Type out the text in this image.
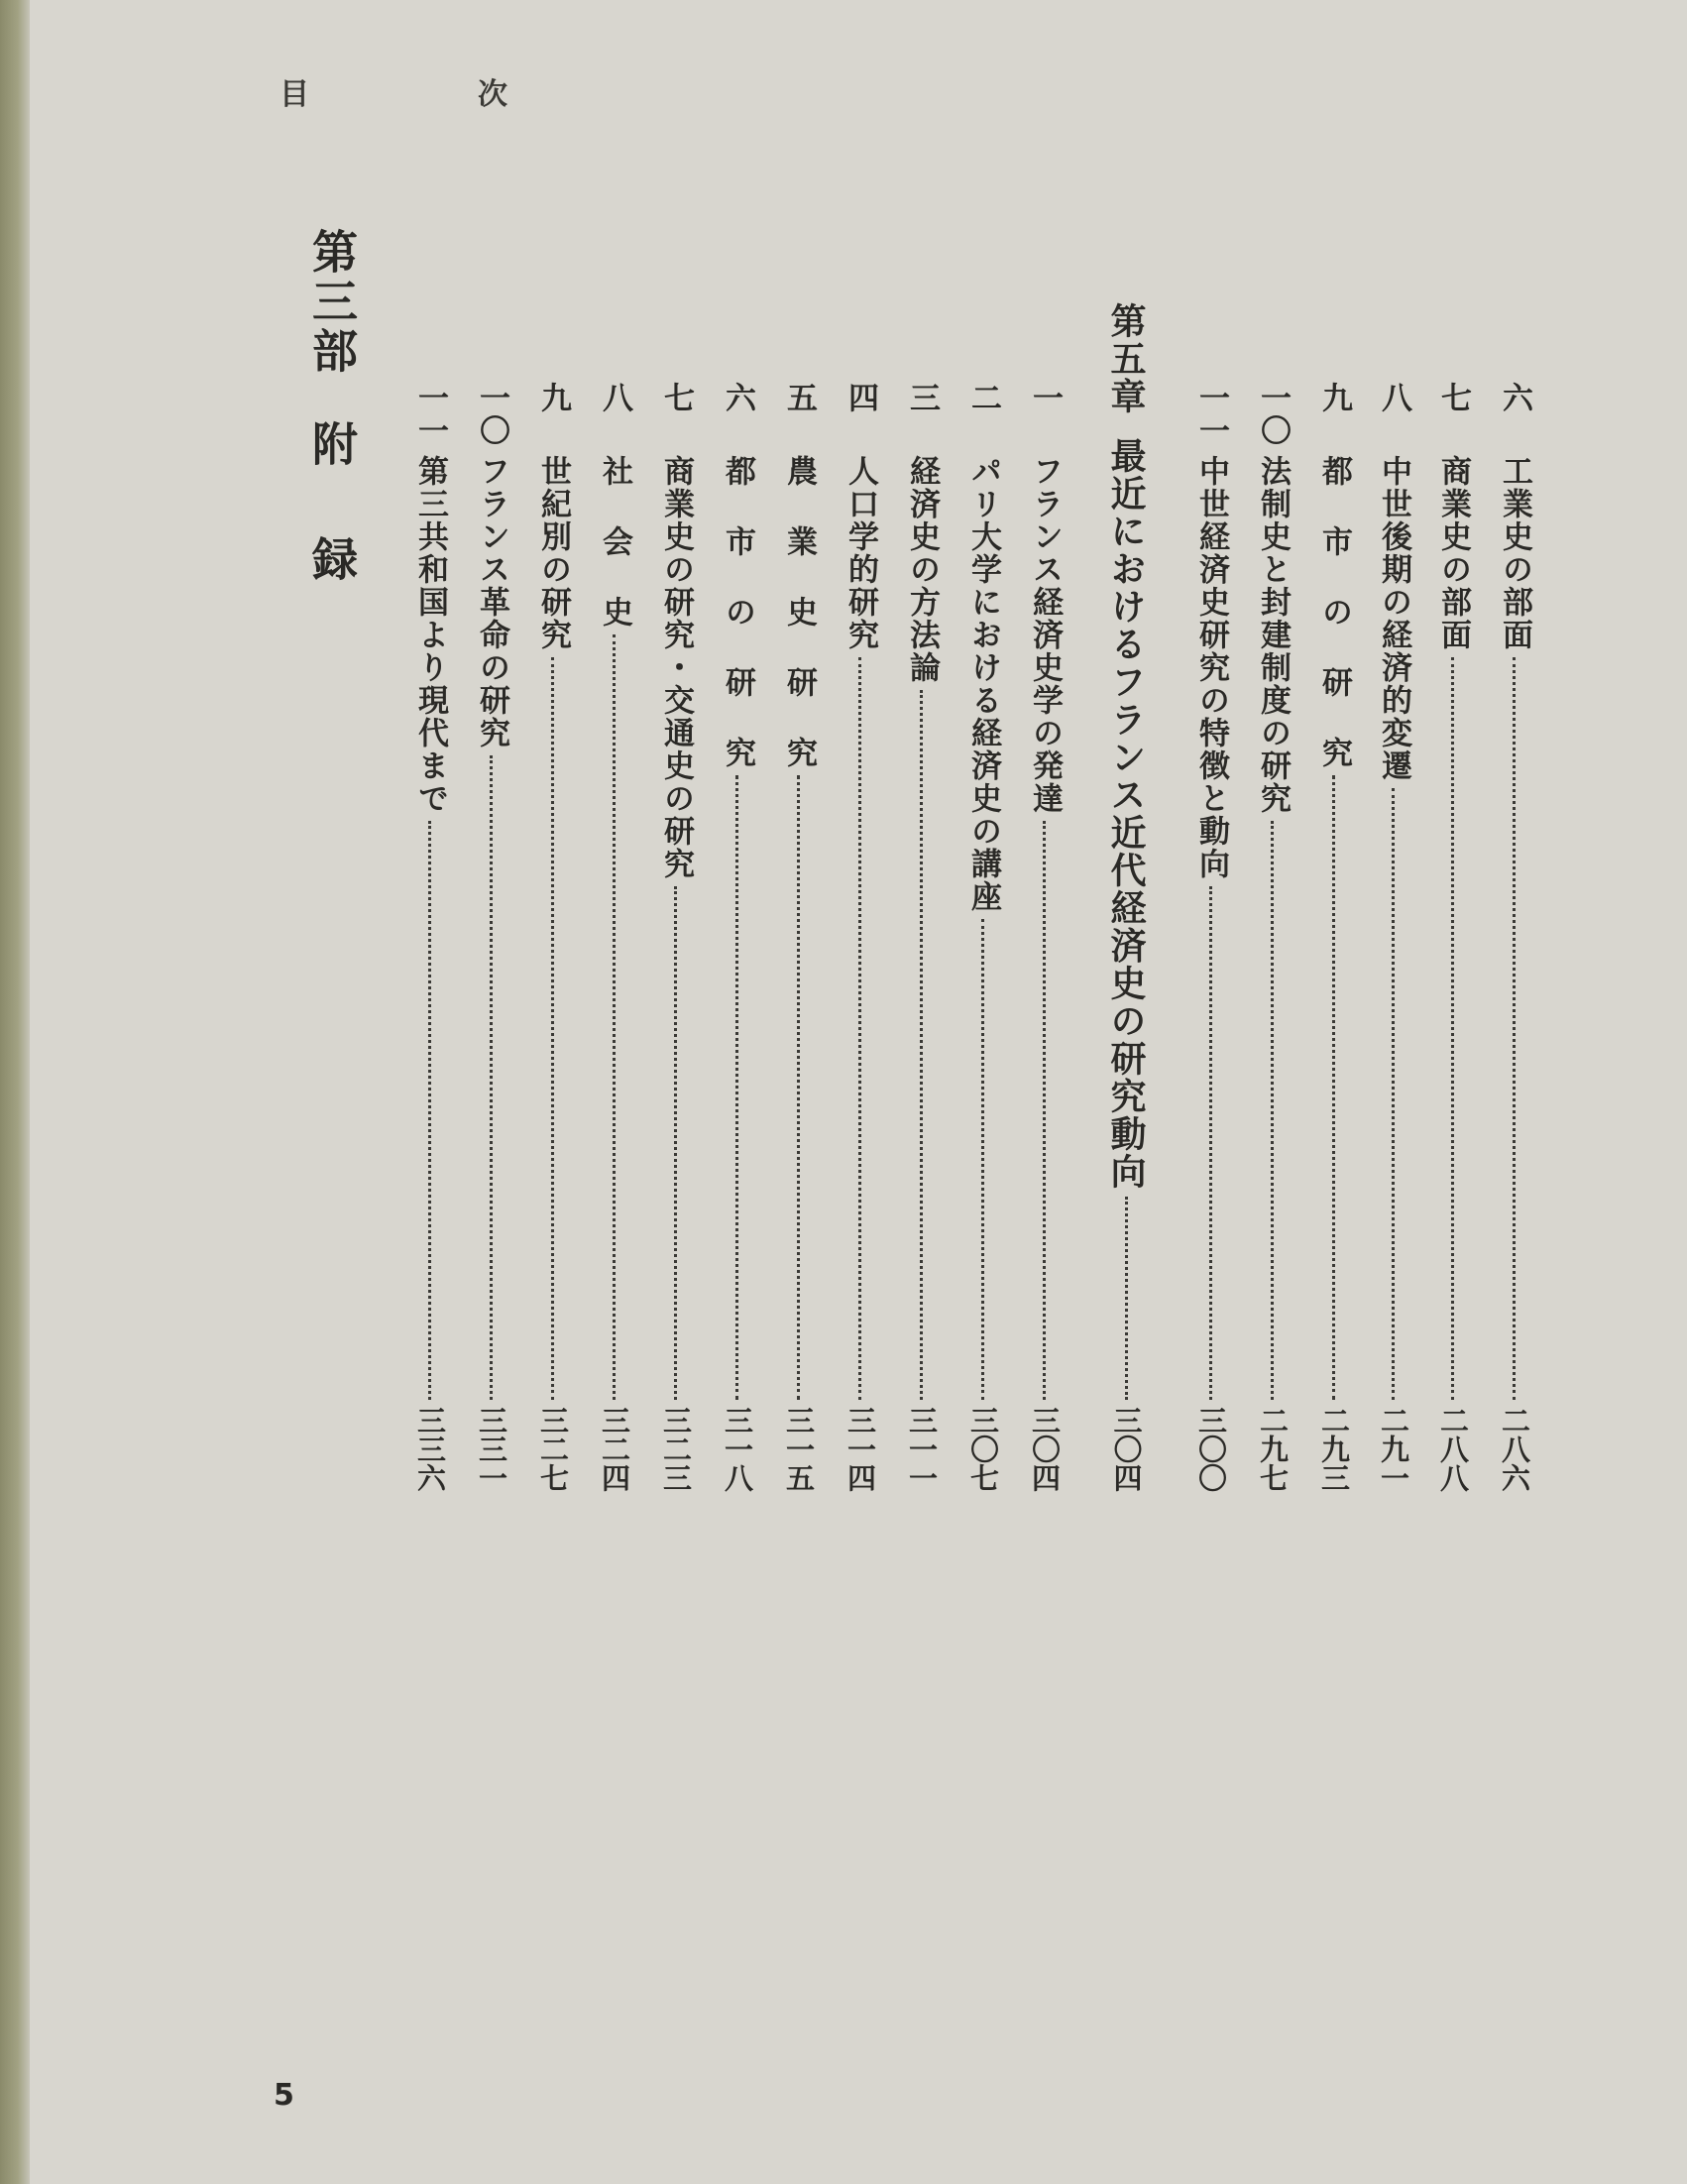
目	次
六
工業史の部面
二八六
七
商業史の部面
二八八
八
中世後期の経済的変遷
二九一
九
都 市 の 研 究
二九三
一〇
法制史と封建制度の研究
二九七
一一
中世経済史研究の特徴と動向
三〇〇
第五章
最近におけるフランス近代経済史の研究動向
三〇四
一
フランス経済史学の発達
三〇四
二
パリ大学における経済史の講座
三〇七
三
経済史の方法論
三一一
四
人口学的研究
三一四
五
農 業 史 研 究
三一五
六
都 市 の 研 究
三一八
七
商業史の研究・交通史の研究
三二三
八
社 会 史
三二四
九
世紀別の研究
三二七
一〇
フランス革命の研究
三三一
一一
第三共和国より現代まで
三三六
第三部
附録
5
